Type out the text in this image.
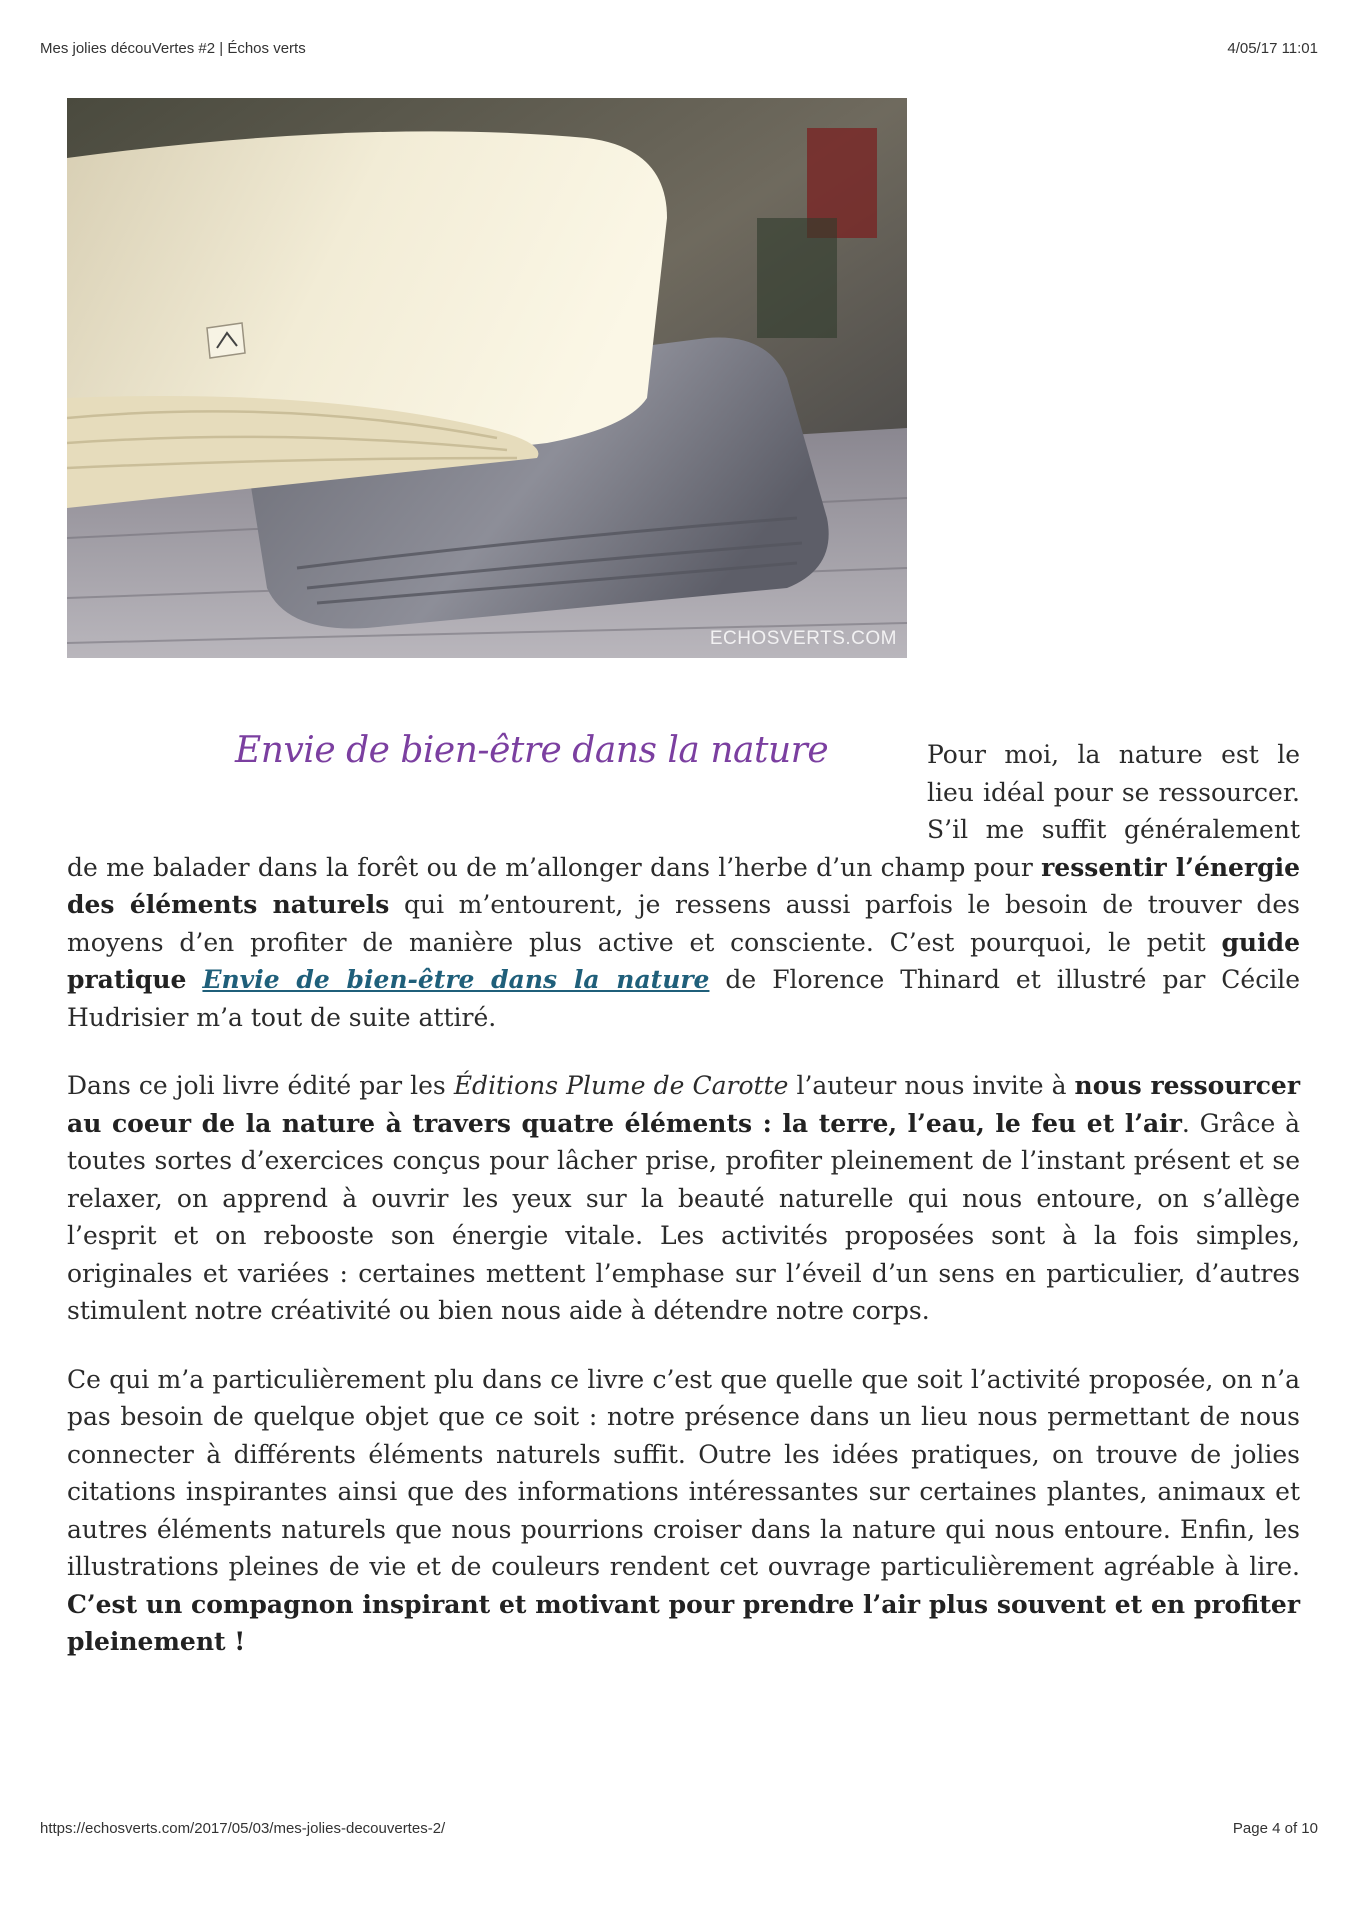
Mes jolies découVertes #2 | Échos verts	4/05/17 11:01
ECHOSVERTS.COM

Envie de bien-être dans la nature	Pour moi, la nature est le lieu idéal pour se ressourcer. S’il me suffit généralement de me balader dans la forêt ou de m’allonger dans l’herbe d’un champ pour ressentir l’énergie des éléments naturels qui m’entourent, je ressens aussi parfois le besoin de trouver des moyens d’en profiter de manière plus active et consciente. C’est pourquoi, le petit guide pratique Envie de bien-être dans la nature de Florence Thinard et illustré par Cécile Hudrisier m’a tout de suite attiré.

Dans ce joli livre édité par les Éditions Plume de Carotte l’auteur nous invite à nous ressourcer au coeur de la nature à travers quatre éléments : la terre, l’eau, le feu et l’air. Grâce à toutes sortes d’exercices conçus pour lâcher prise, profiter pleinement de l’instant présent et se relaxer, on apprend à ouvrir les yeux sur la beauté naturelle qui nous entoure, on s’allège l’esprit et on rebooste son énergie vitale. Les activités proposées sont à la fois simples, originales et variées : certaines mettent l’emphase sur l’éveil d’un sens en particulier, d’autres stimulent notre créativité ou bien nous aide à détendre notre corps.

Ce qui m’a particulièrement plu dans ce livre c’est que quelle que soit l’activité proposée, on n’a pas besoin de quelque objet que ce soit : notre présence dans un lieu nous permettant de nous connecter à différents éléments naturels suffit. Outre les idées pratiques, on trouve de jolies citations inspirantes ainsi que des informations intéressantes sur certaines plantes, animaux et autres éléments naturels que nous pourrions croiser dans la nature qui nous entoure. Enfin, les illustrations pleines de vie et de couleurs rendent cet ouvrage particulièrement agréable à lire. C’est un compagnon inspirant et motivant pour prendre l’air plus souvent et en profiter pleinement !

https://echosverts.com/2017/05/03/mes-jolies-decouvertes-2/	Page 4 of 10
